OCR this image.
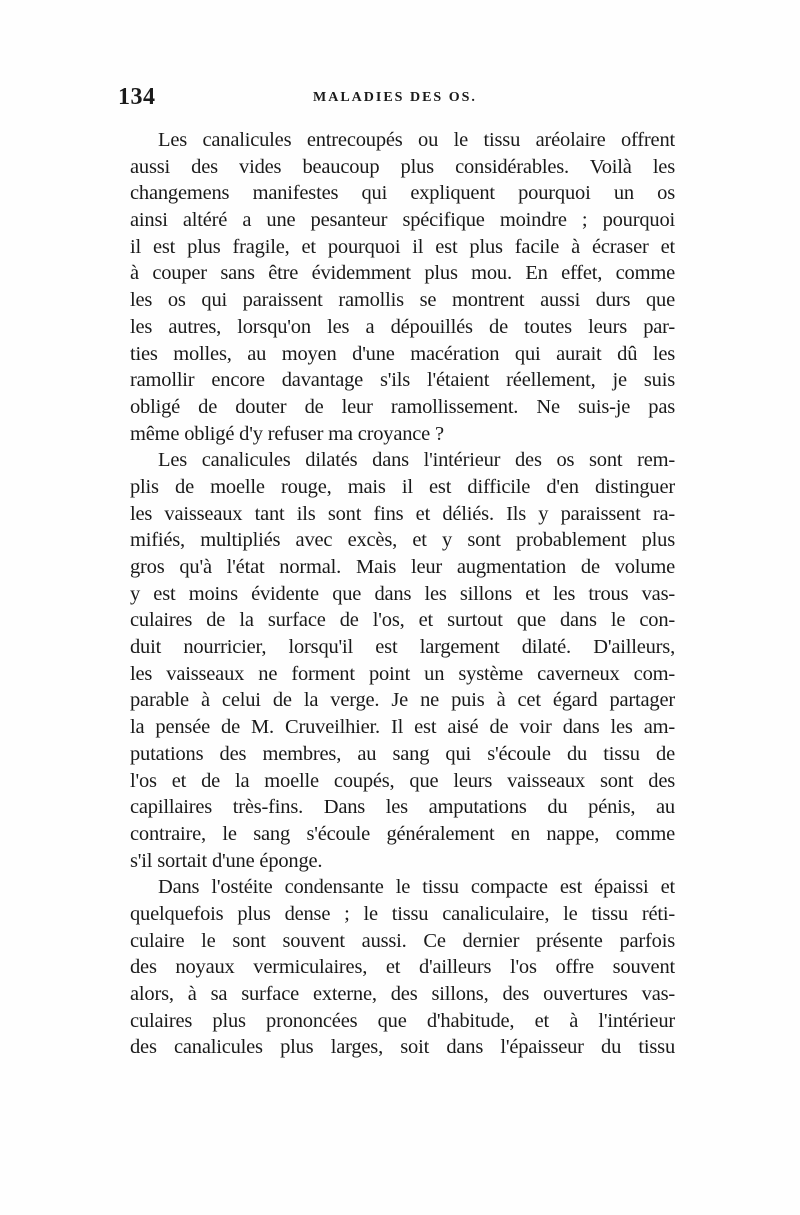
134	MALADIES DES OS.
Les canalicules entrecoupés ou le tissu aréolaire offrent
aussi des vides beaucoup plus considérables. Voilà les
changemens manifestes qui expliquent pourquoi un os
ainsi altéré a une pesanteur spécifique moindre ; pourquoi
il est plus fragile, et pourquoi il est plus facile à écraser et
à couper sans être évidemment plus mou. En effet, comme
les os qui paraissent ramollis se montrent aussi durs que
les autres, lorsqu'on les a dépouillés de toutes leurs par-
ties molles, au moyen d'une macération qui aurait dû les
ramollir encore davantage s'ils l'étaient réellement, je suis
obligé de douter de leur ramollissement. Ne suis-je pas
même obligé d'y refuser ma croyance ?
Les canalicules dilatés dans l'intérieur des os sont rem-
plis de moelle rouge, mais il est difficile d'en distinguer
les vaisseaux tant ils sont fins et déliés. Ils y paraissent ra-
mifiés, multipliés avec excès, et y sont probablement plus
gros qu'à l'état normal. Mais leur augmentation de volume
y est moins évidente que dans les sillons et les trous vas-
culaires de la surface de l'os, et surtout que dans le con-
duit nourricier, lorsqu'il est largement dilaté. D'ailleurs,
les vaisseaux ne forment point un système caverneux com-
parable à celui de la verge. Je ne puis à cet égard partager
la pensée de M. Cruveilhier. Il est aisé de voir dans les am-
putations des membres, au sang qui s'écoule du tissu de
l'os et de la moelle coupés, que leurs vaisseaux sont des
capillaires très-fins. Dans les amputations du pénis, au
contraire, le sang s'écoule généralement en nappe, comme
s'il sortait d'une éponge.
Dans l'ostéite condensante le tissu compacte est épaissi et
quelquefois plus dense ; le tissu canaliculaire, le tissu réti-
culaire le sont souvent aussi. Ce dernier présente parfois
des noyaux vermiculaires, et d'ailleurs l'os offre souvent
alors, à sa surface externe, des sillons, des ouvertures vas-
culaires plus prononcées que d'habitude, et à l'intérieur
des canalicules plus larges, soit dans l'épaisseur du tissu
